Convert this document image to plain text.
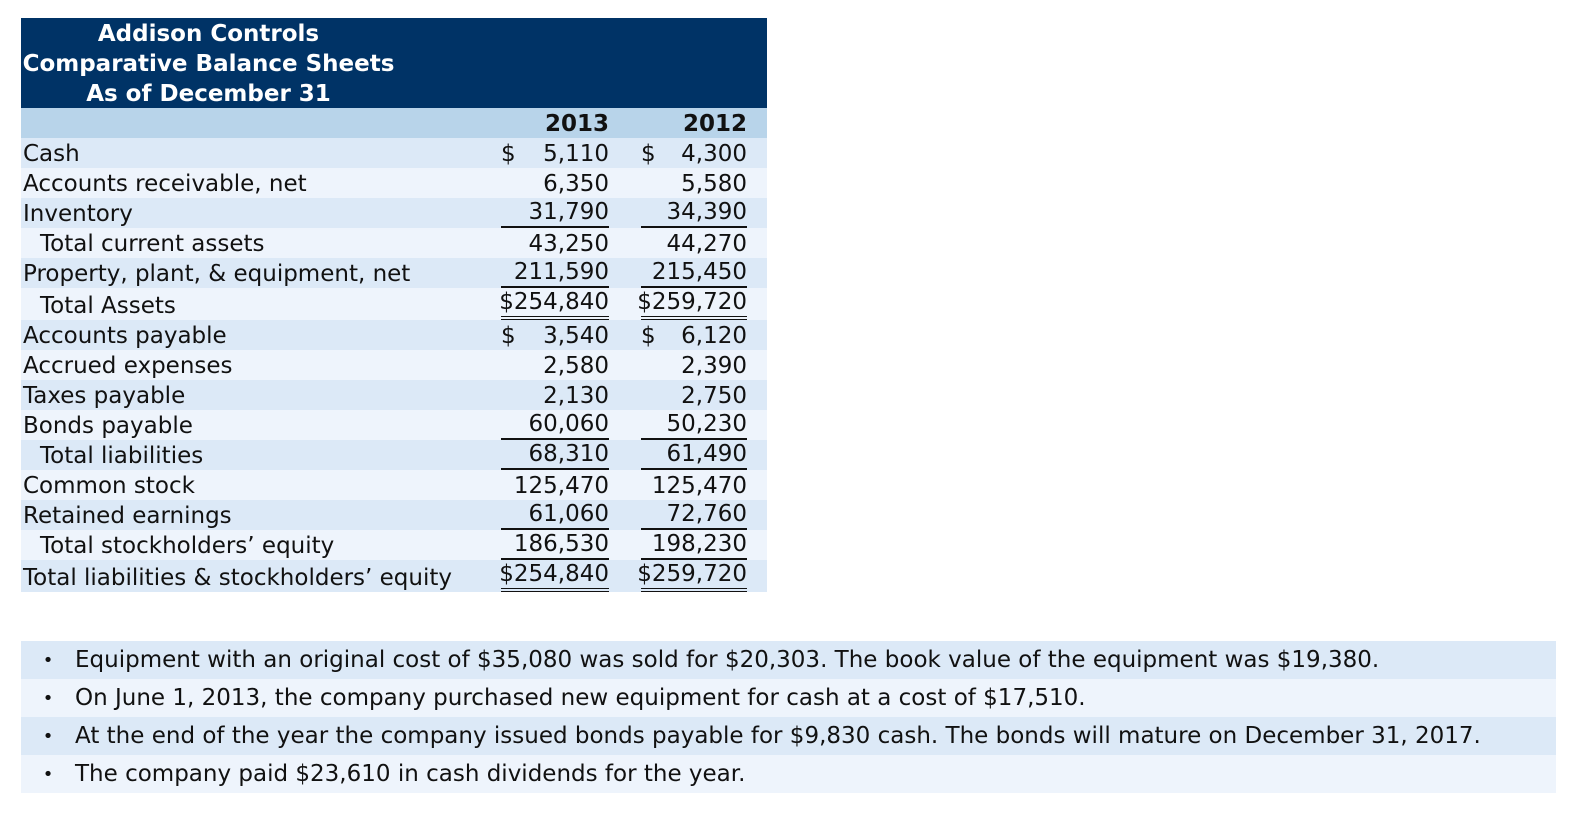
Addison Controls
Comparative Balance Sheets
As of December 31

	2013	2012

Cash	$ 5,110	$ 4,300

Accounts receivable, net	6,350	5,580

Inventory	31,790	34,390

Total current assets	43,250	44,270

Property, plant, & equipment, net	211,590	215,450

Total Assets	$254,840	$259,720

Accounts payable	$ 3,540	$ 6,120

Accrued expenses	2,580	2,390

Taxes payable	2,130	2,750

Bonds payable	60,060	50,230

Total liabilities	68,310	61,490

Common stock	125,470	125,470

Retained earnings	61,060	72,760

Total stockholders’ equity	186,530	198,230

Total liabilities & stockholders’ equity	$254,840	$259,720
• Equipment with an original cost of $35,080 was sold for $20,303. The book value of the equipment was $19,380.
• On June 1, 2013, the company purchased new equipment for cash at a cost of $17,510.
• At the end of the year the company issued bonds payable for $9,830 cash. The bonds will mature on December 31, 2017.
• The company paid $23,610 in cash dividends for the year.
